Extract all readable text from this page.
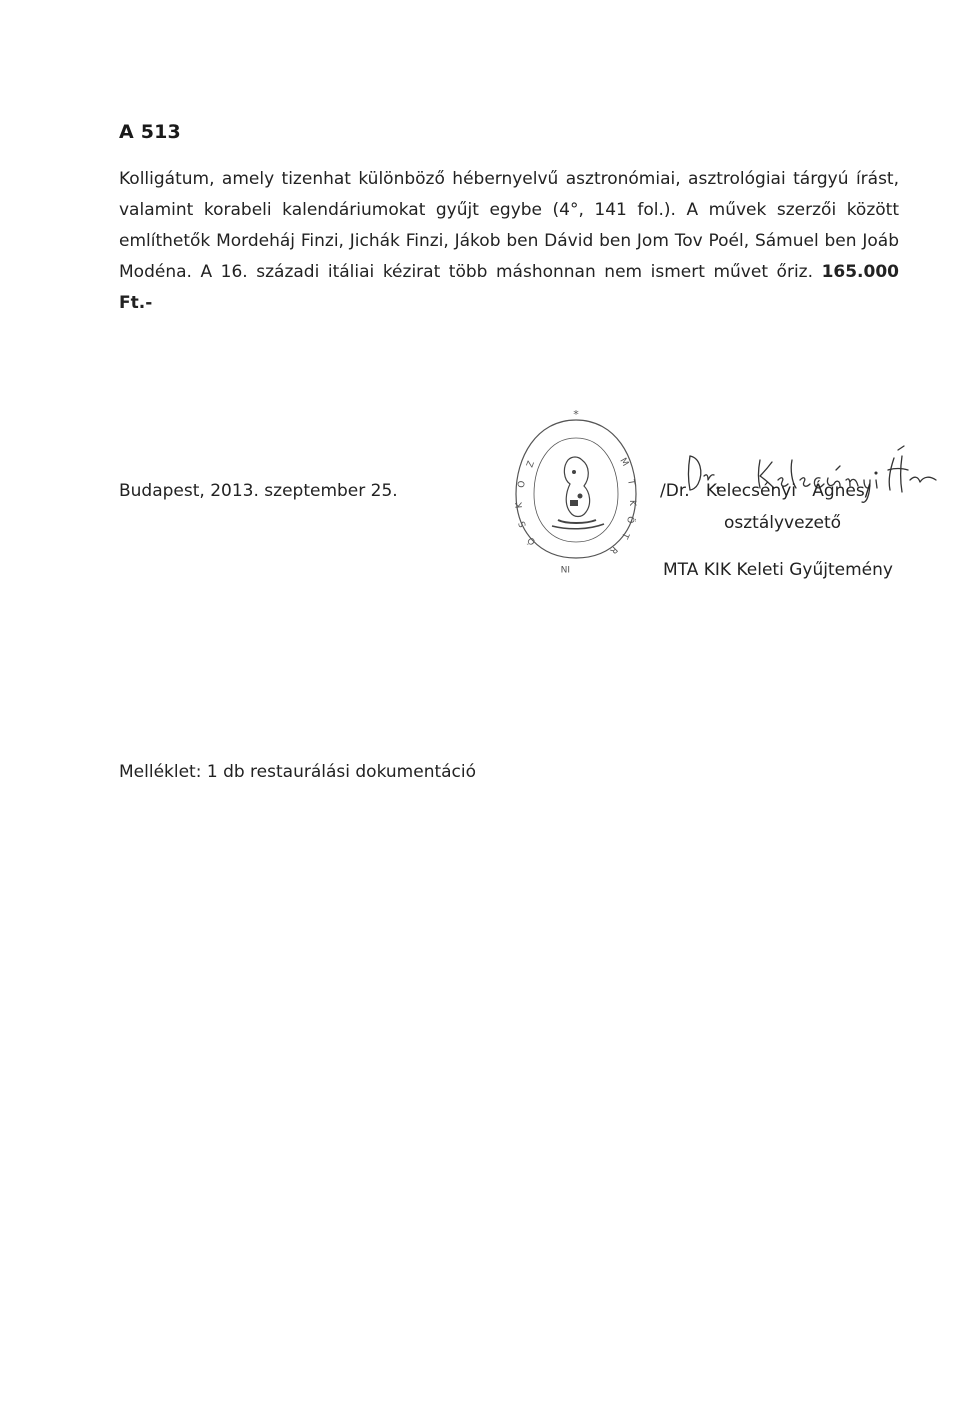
A 513
Kolligátum, amely tizenhat különböző hébernyelvű asztronómiai, asztrológiai tárgyú írást, valamint korabeli kalendáriumokat gyűjt egybe (4°, 141 fol.). A művek szerzői között említhetők Mordeháj Finzi, Jichák Finzi, Jákob ben Dávid ben Jom Tov Poél, Sámuel ben Joáb Modéna. A 16. századi itáliai kézirat több máshonnan nem ismert művet őriz. 165.000 Ft.-
Budapest, 2013. szeptember 25.
*
M
T
K
Ö
T
R
Z
Ö
K
S
Ó
IN
/Dr.   Kelecsényi   Ágnes/
osztályvezető
MTA KIK Keleti Gyűjtemény
Melléklet: 1 db restaurálási dokumentáció
